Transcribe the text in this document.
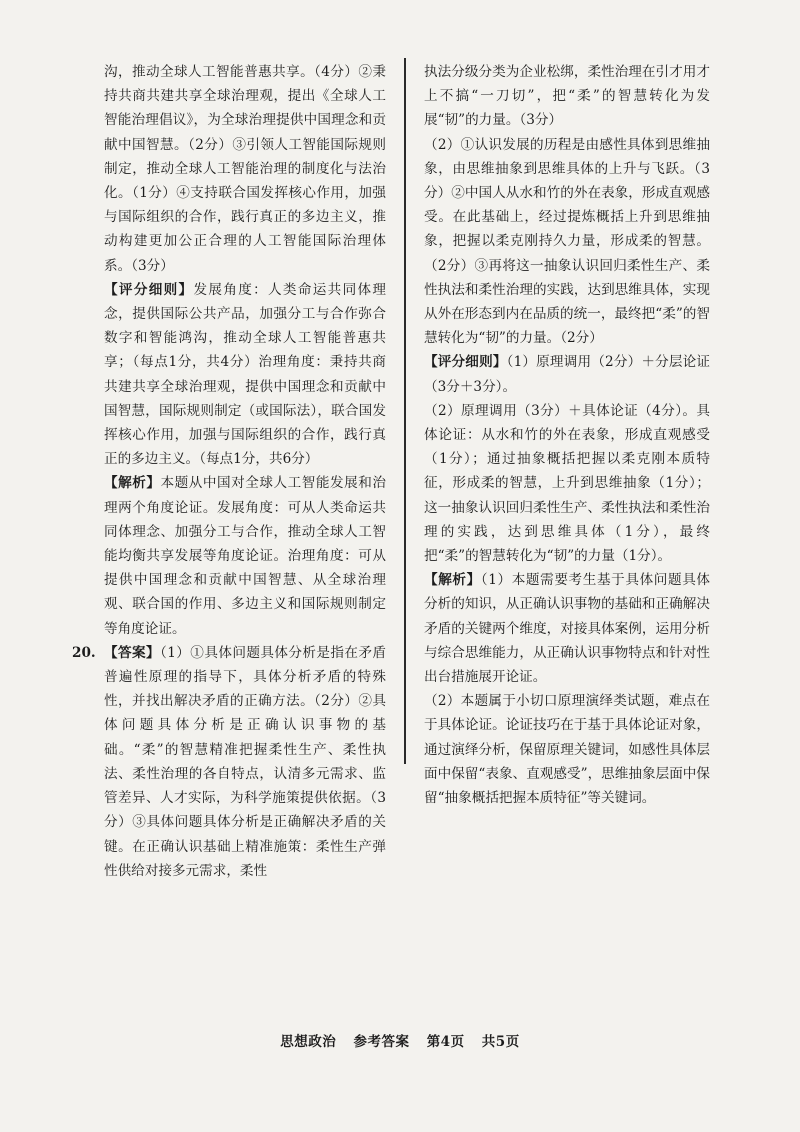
沟，推动全球人工智能普惠共享。（4分）②秉持共商共建共享全球治理观，提出《全球人工智能治理倡议》，为全球治理提供中国理念和贡献中国智慧。（2分）③引领人工智能国际规则制定，推动全球人工智能治理的制度化与法治化。（1分）④支持联合国发挥核心作用，加强与国际组织的合作，践行真正的多边主义，推动构建更加公正合理的人工智能国际治理体系。（3分）

【评分细则】发展角度：人类命运共同体理念，提供国际公共产品，加强分工与合作弥合数字和智能鸿沟，推动全球人工智能普惠共享；（每点1分，共4分）治理角度：秉持共商共建共享全球治理观，提供中国理念和贡献中国智慧，国际规则制定（或国际法），联合国发挥核心作用，加强与国际组织的合作，践行真正的多边主义。（每点1分，共6分）

【解析】本题从中国对全球人工智能发展和治理两个角度论证。发展角度：可从人类命运共同体理念、加强分工与合作，推动全球人工智能均衡共享发展等角度论证。治理角度：可从提供中国理念和贡献中国智慧、从全球治理观、联合国的作用、多边主义和国际规则制定等角度论证。

20. 【答案】（1）①具体问题具体分析是指在矛盾普遍性原理的指导下，具体分析矛盾的特殊性，并找出解决矛盾的正确方法。（2分）②具体问题具体分析是正确认识事物的基础。“柔”的智慧精准把握柔性生产、柔性执法、柔性治理的各自特点，认清多元需求、监管差异、人才实际，为科学施策提供依据。（3分）③具体问题具体分析是正确解决矛盾的关键。在正确认识基础上精准施策：柔性生产弹性供给对接多元需求，柔性

执法分级分类为企业松绑，柔性治理在引才用才上不搞“一刀切”，把“柔”的智慧转化为发展“韧”的力量。（3分）

（2）①认识发展的历程是由感性具体到思维抽象，由思维抽象到思维具体的上升与飞跃。（3分）②中国人从水和竹的外在表象，形成直观感受。在此基础上，经过提炼概括上升到思维抽象，把握以柔克刚持久力量，形成柔的智慧。（2分）③再将这一抽象认识回归柔性生产、柔性执法和柔性治理的实践，达到思维具体，实现从外在形态到内在品质的统一，最终把“柔”的智慧转化为“韧”的力量。（2分）

【评分细则】（1）原理调用（2分）＋分层论证（3分＋3分）。

（2）原理调用（3分）＋具体论证（4分）。具体论证：从水和竹的外在表象，形成直观感受（1分）；通过抽象概括把握以柔克刚本质特征，形成柔的智慧，上升到思维抽象（1分）；这一抽象认识回归柔性生产、柔性执法和柔性治理的实践，达到思维具体（1分），最终把“柔”的智慧转化为“韧”的力量（1分）。

【解析】（1）本题需要考生基于具体问题具体分析的知识，从正确认识事物的基础和正确解决矛盾的关键两个维度，对接具体案例，运用分析与综合思维能力，从正确认识事物特点和针对性出台措施展开论证。

（2）本题属于小切口原理演绎类试题，难点在于具体论证。论证技巧在于基于具体论证对象，通过演绎分析，保留原理关键词，如感性具体层面中保留“表象、直观感受”，思维抽象层面中保留“抽象概括把握本质特征”等关键词。

思想政治 参考答案 第4页 共5页
